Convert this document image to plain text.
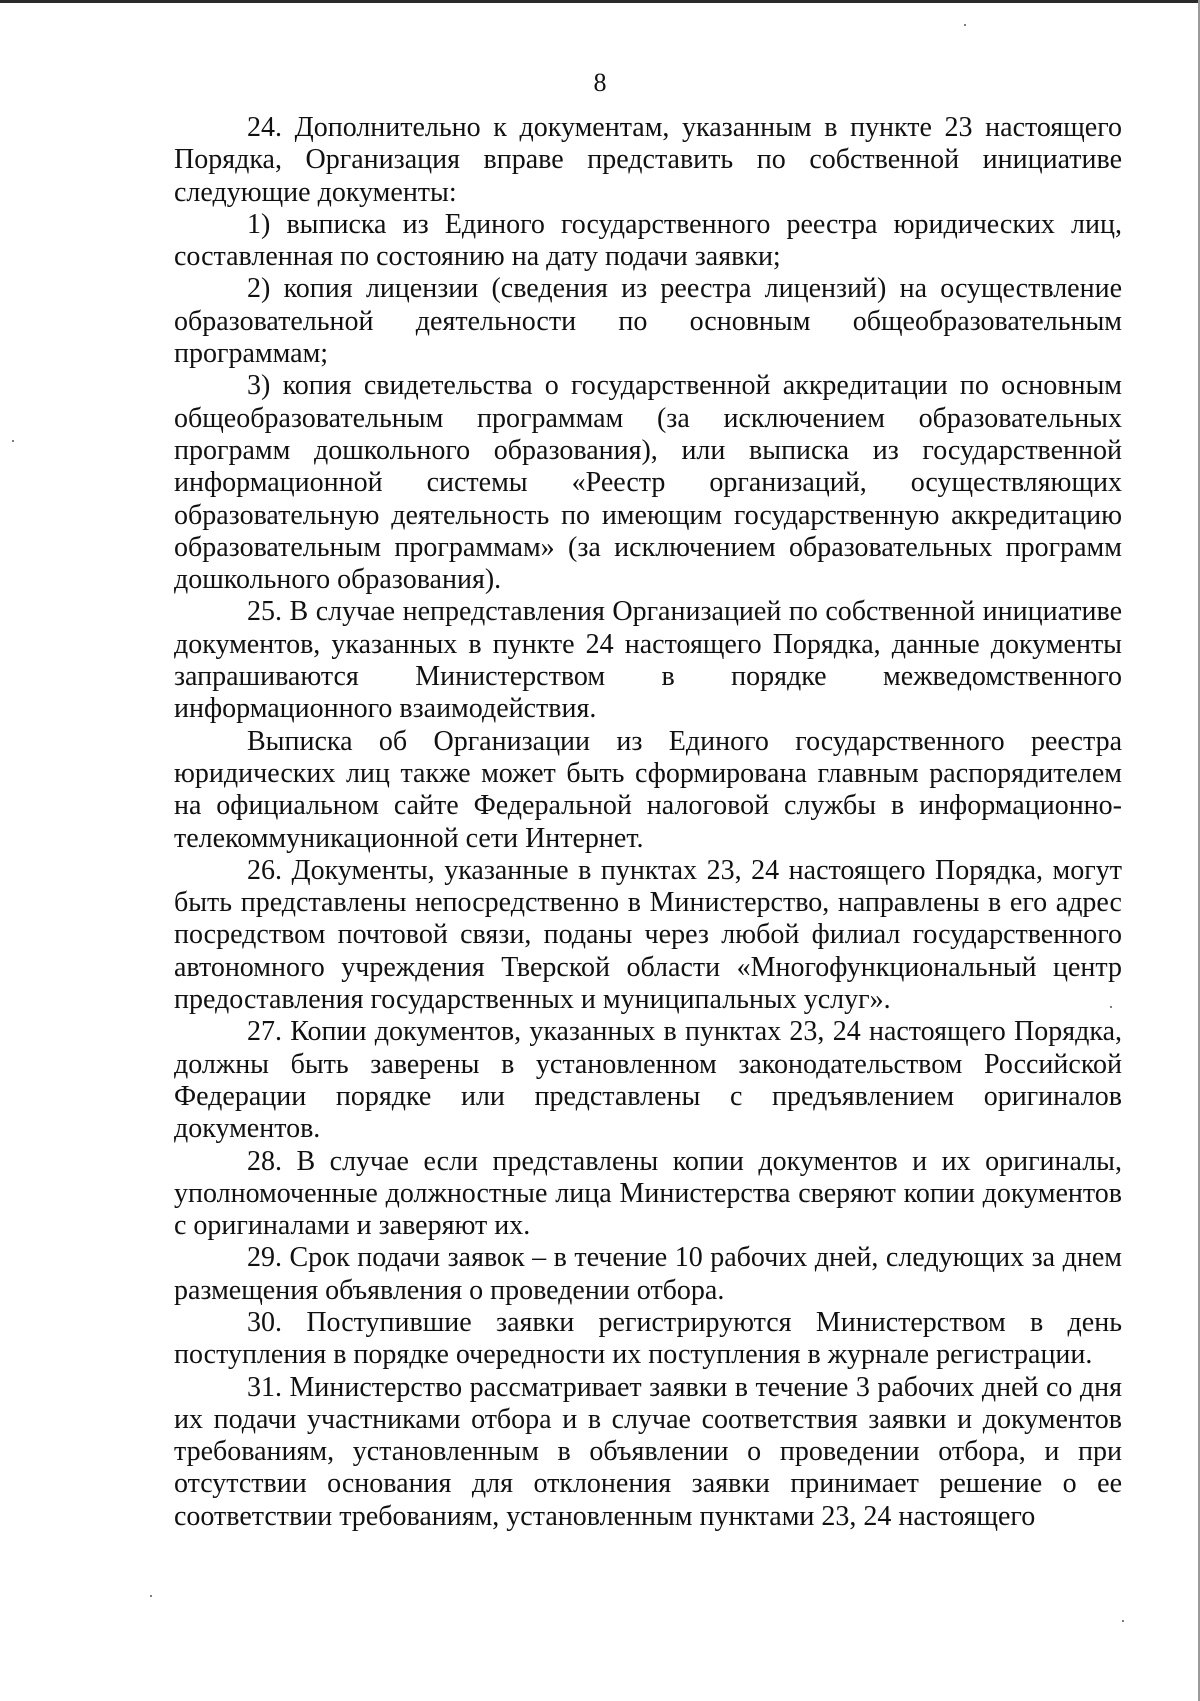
8

24. Дополнительно к документам, указанным в пункте 23 настоящего Порядка, Организация вправе представить по собственной инициативе следующие документы:

1) выписка из Единого государственного реестра юридических лиц, составленная по состоянию на дату подачи заявки;

2) копия лицензии (сведения из реестра лицензий) на осуществление образовательной деятельности по основным общеобразовательным программам;

3) копия свидетельства о государственной аккредитации по основным общеобразовательным программам (за исключением образовательных программ дошкольного образования), или выписка из государственной информационной системы «Реестр организаций, осуществляющих образовательную деятельность по имеющим государственную аккредитацию образовательным программам» (за исключением образовательных программ дошкольного образования).

25. В случае непредставления Организацией по собственной инициативе документов, указанных в пункте 24 настоящего Порядка, данные документы запрашиваются Министерством в порядке межведомственного информационного взаимодействия.

Выписка об Организации из Единого государственного реестра юридических лиц также может быть сформирована главным распорядителем на официальном сайте Федеральной налоговой службы в информационно-телекоммуникационной сети Интернет.

26. Документы, указанные в пунктах 23, 24 настоящего Порядка, могут быть представлены непосредственно в Министерство, направлены в его адрес посредством почтовой связи, поданы через любой филиал государственного автономного учреждения Тверской области «Многофункциональный центр предоставления государственных и муниципальных услуг».

27. Копии документов, указанных в пунктах 23, 24 настоящего Порядка, должны быть заверены в установленном законодательством Российской Федерации порядке или представлены с предъявлением оригиналов документов.

28. В случае если представлены копии документов и их оригиналы, уполномоченные должностные лица Министерства сверяют копии документов с оригиналами и заверяют их.

29. Срок подачи заявок – в течение 10 рабочих дней, следующих за днем размещения объявления о проведении отбора.

30. Поступившие заявки регистрируются Министерством в день поступления в порядке очередности их поступления в журнале регистрации.

31. Министерство рассматривает заявки в течение 3 рабочих дней со дня их подачи участниками отбора и в случае соответствия заявки и документов требованиям, установленным в объявлении о проведении отбора, и при отсутствии основания для отклонения заявки принимает решение о ее соответствии требованиям, установленным пунктами 23, 24 настоящего
